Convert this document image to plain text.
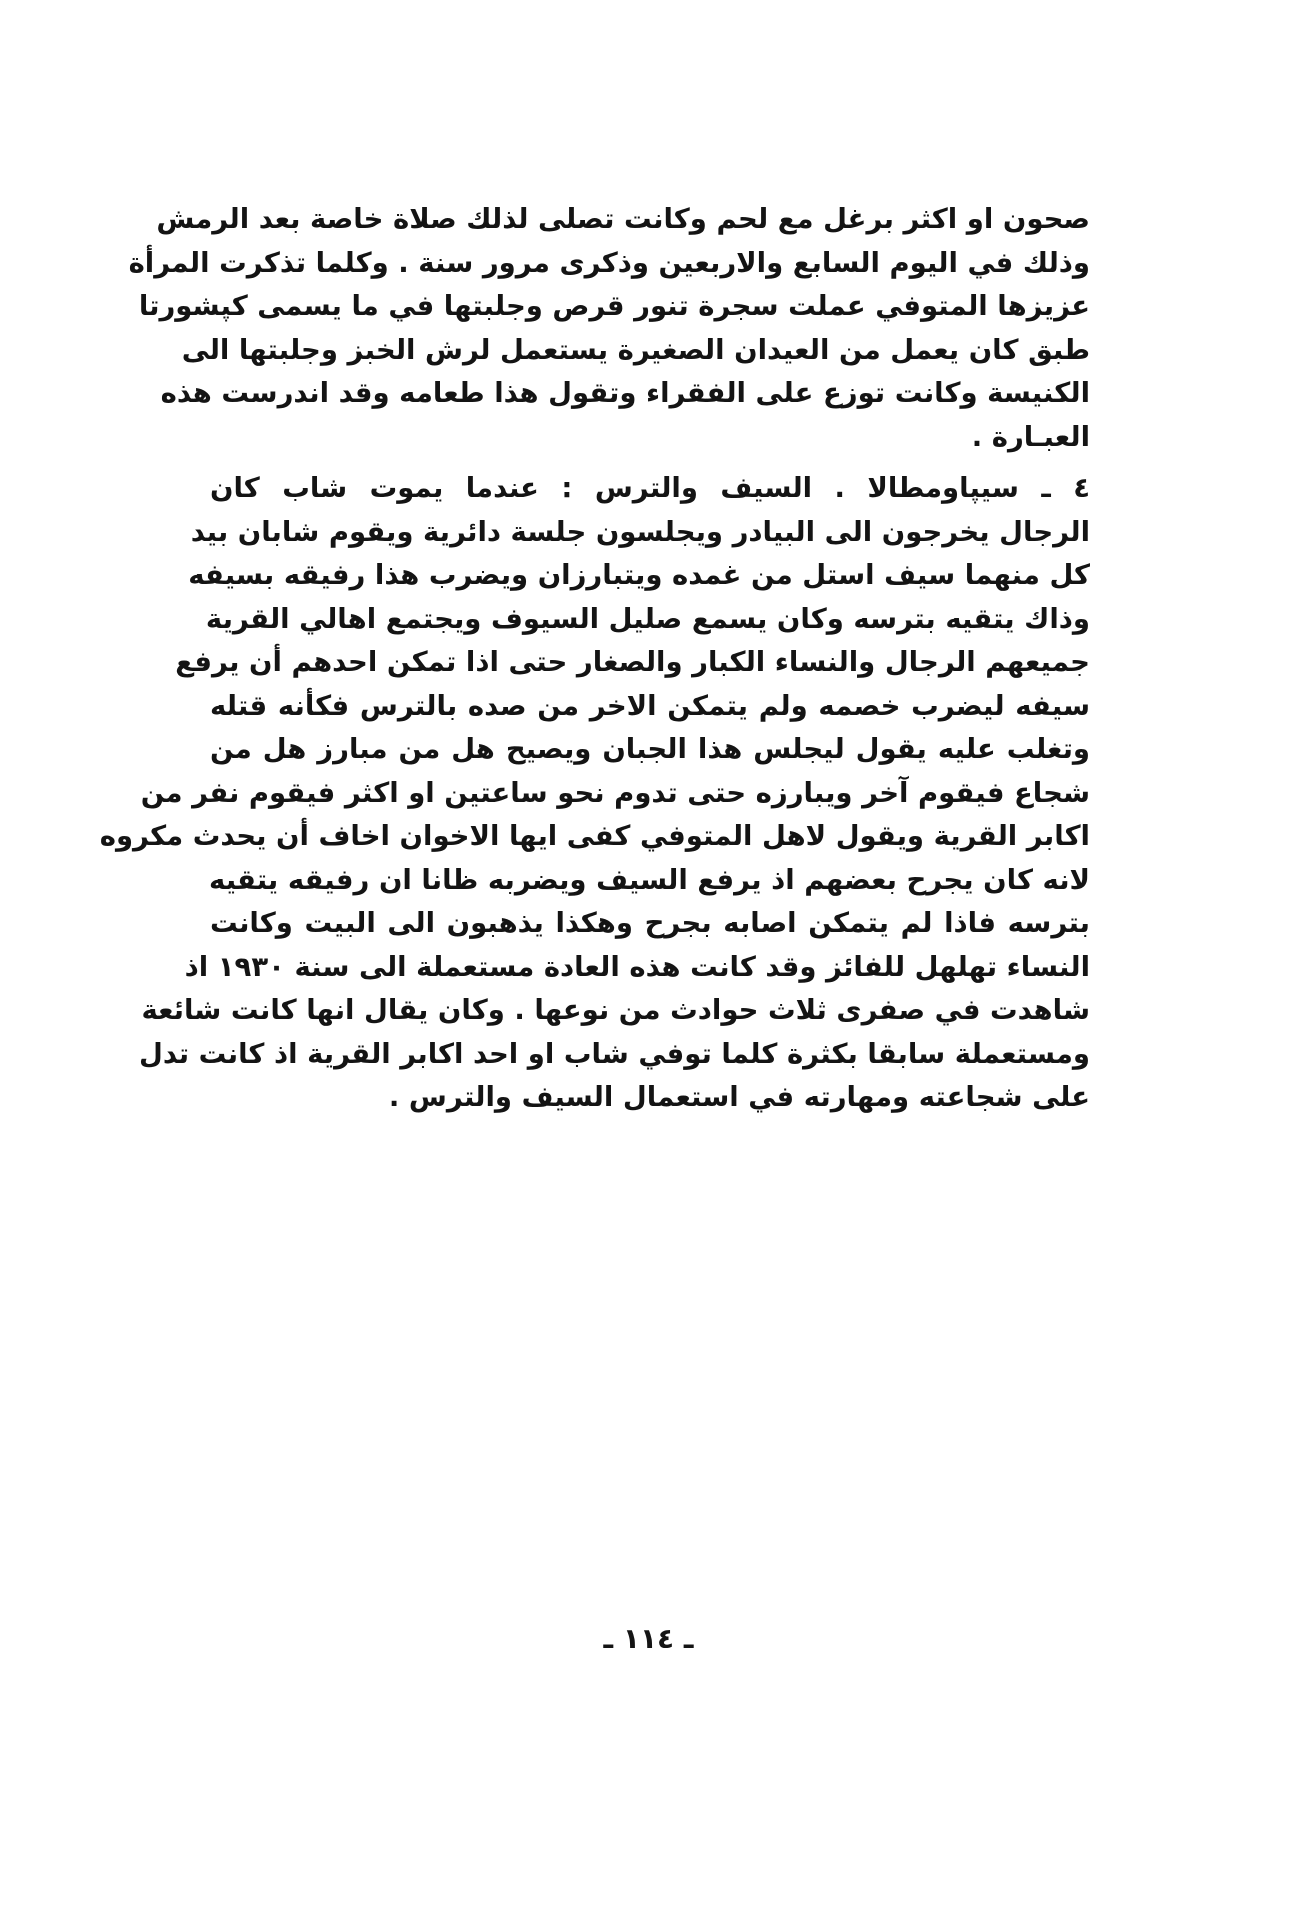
صحون او اكثر برغل مع لحم وكانت تصلى لذلك صلاة خاصة بعد الرمش
وذلك في اليوم السابع والاربعين وذكرى مرور سنة . وكلما تذكرت المرأة
عزيزها المتوفي عملت سجرة تنور قرص وجلبتها في ما يسمى كپشورتا
طبق كان يعمل من العيدان الصغيرة يستعمل لرش الخبز وجلبتها الى
الكنيسة وكانت توزع على الفقراء وتقول هذا طعامه وقد اندرست هذه
العبـارة .
٤ ـ سيپاومطالا . السيف والترس : عندما يموت شاب كان
الرجال يخرجون الى البيادر ويجلسون جلسة دائرية ويقوم شابان بيد
كل منهما سيف استل من غمده ويتبارزان ويضرب هذا رفيقه بسيفه
وذاك يتقيه بترسه وكان يسمع صليل السيوف ويجتمع اهالي القرية
جميعهم الرجال والنساء الكبار والصغار حتى اذا تمكن احدهم أن يرفع
سيفه ليضرب خصمه ولم يتمكن الاخر من صده بالترس فكأنه قتله
وتغلب عليه يقول ليجلس هذا الجبان ويصيح هل من مبارز هل من
شجاع فيقوم آخر ويبارزه حتى تدوم نحو ساعتين او اكثر فيقوم نفر من
اكابر القرية ويقول لاهل المتوفي كفى ايها الاخوان اخاف أن يحدث مكروه
لانه كان يجرح بعضهم اذ يرفع السيف ويضربه ظانا ان رفيقه يتقيه
بترسه فاذا لم يتمكن اصابه بجرح وهكذا يذهبون الى البيت وكانت
النساء تهلهل للفائز وقد كانت هذه العادة مستعملة الى سنة ١٩٣٠ اذ
شاهدت في صفرى ثلاث حوادث من نوعها . وكان يقال انها كانت شائعة
ومستعملة سابقا بكثرة كلما توفي شاب او احد اكابر القرية اذ كانت تدل
على شجاعته ومهارته في استعمال السيف والترس .
ـ ١١٤ ـ
